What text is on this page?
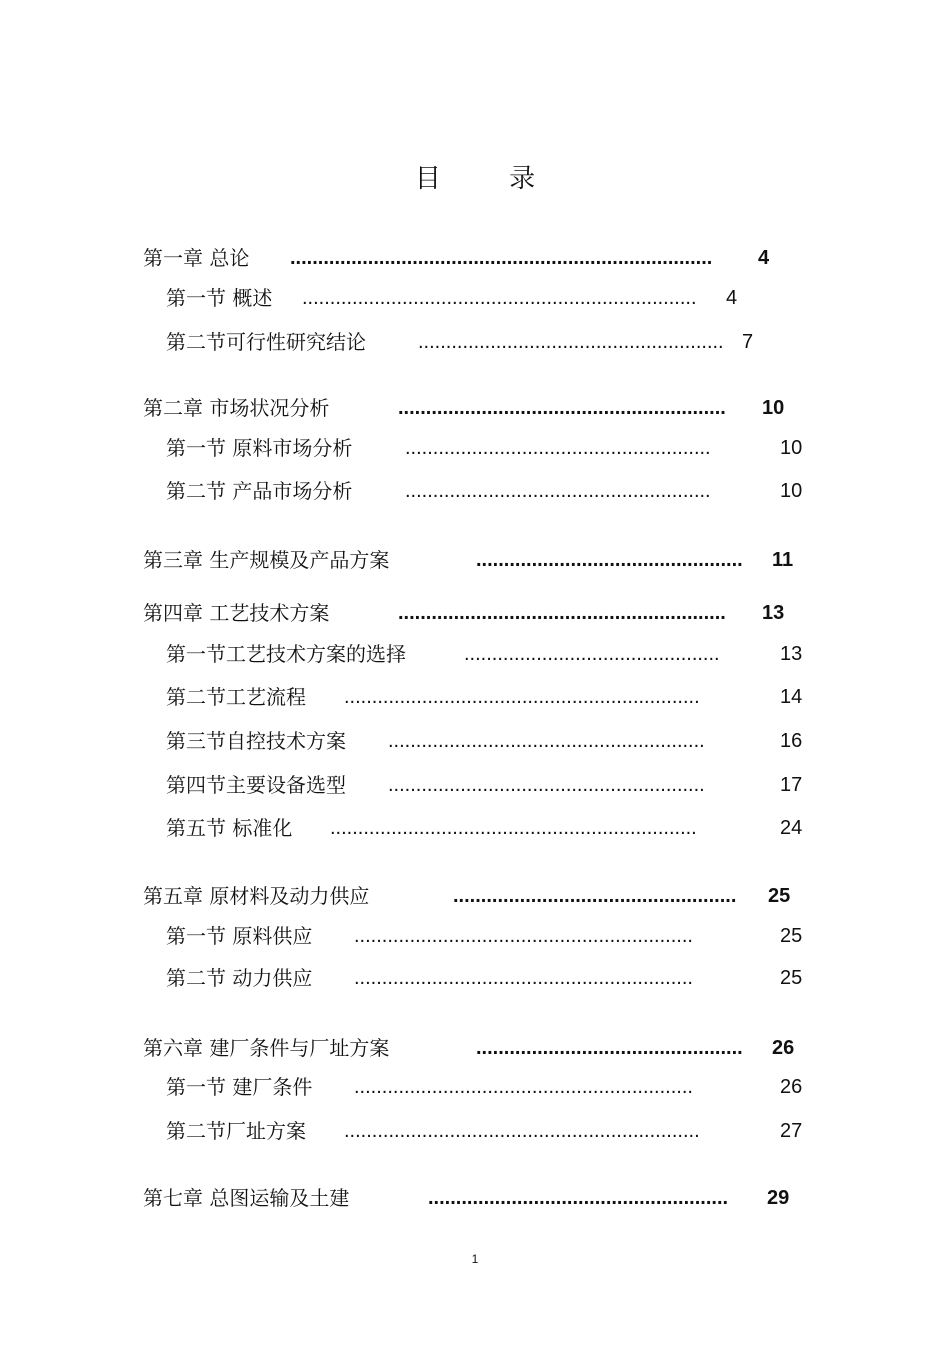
目 录
第一章 总论 ............................................................................	4
第一节 概述 .......................................................................	4
第二节可行性研究结论	....................................................... 7
第二章 市场状况分析	...........................................................	10
第一节 原料市场分析	.......................................................	10
第二节 产品市场分析	.......................................................	10
第三章 生产规模及产品方案	................................................	11
第四章 工艺技术方案	...........................................................	13
第一节工艺技术方案的选择	..............................................	13
第二节工艺流程 ................................................................	14
第三节自控技术方案 .........................................................	16
第四节主要设备选型 .........................................................	17
第五节 标准化 ..................................................................	24
第五章 原材料及动力供应	...................................................	25
第一节 原料供应 .............................................................	25
第二节 动力供应 .............................................................	25
第六章 建厂条件与厂址方案	................................................	26
第一节 建厂条件 .............................................................	26
第二节厂址方案 ................................................................	27
第七章 总图运输及土建	......................................................	29
1
